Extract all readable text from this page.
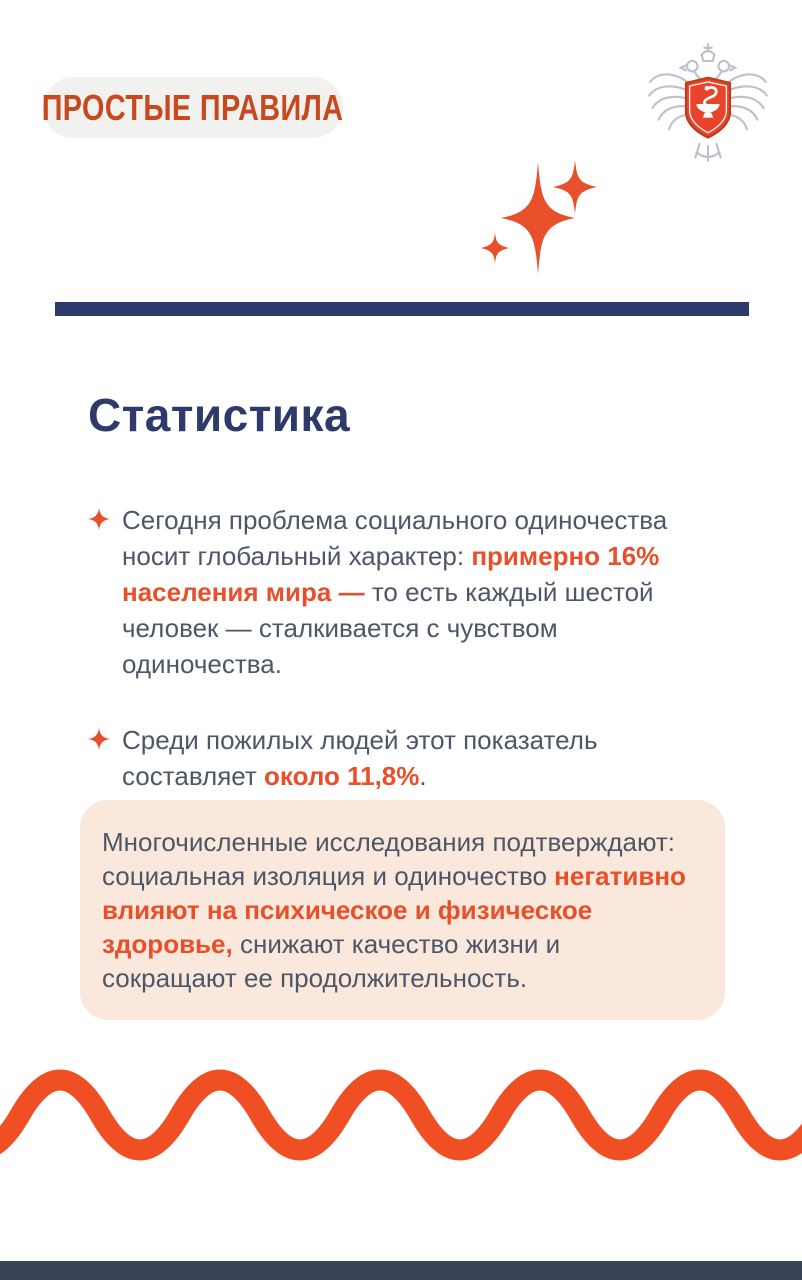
ПРОСТЫЕ ПРАВИЛА
Статистика

Сегодня проблема социального одиночества носит глобальный характер: примерно 16% населения мира — то есть каждый шестой человек — сталкивается с чувством одиночества.

Среди пожилых людей этот показатель составляет около 11,8%.

Многочисленные исследования подтверждают: социальная изоляция и одиночество негативно влияют на психическое и физическое здоровье, снижают качество жизни и сокращают ее продолжительность.
